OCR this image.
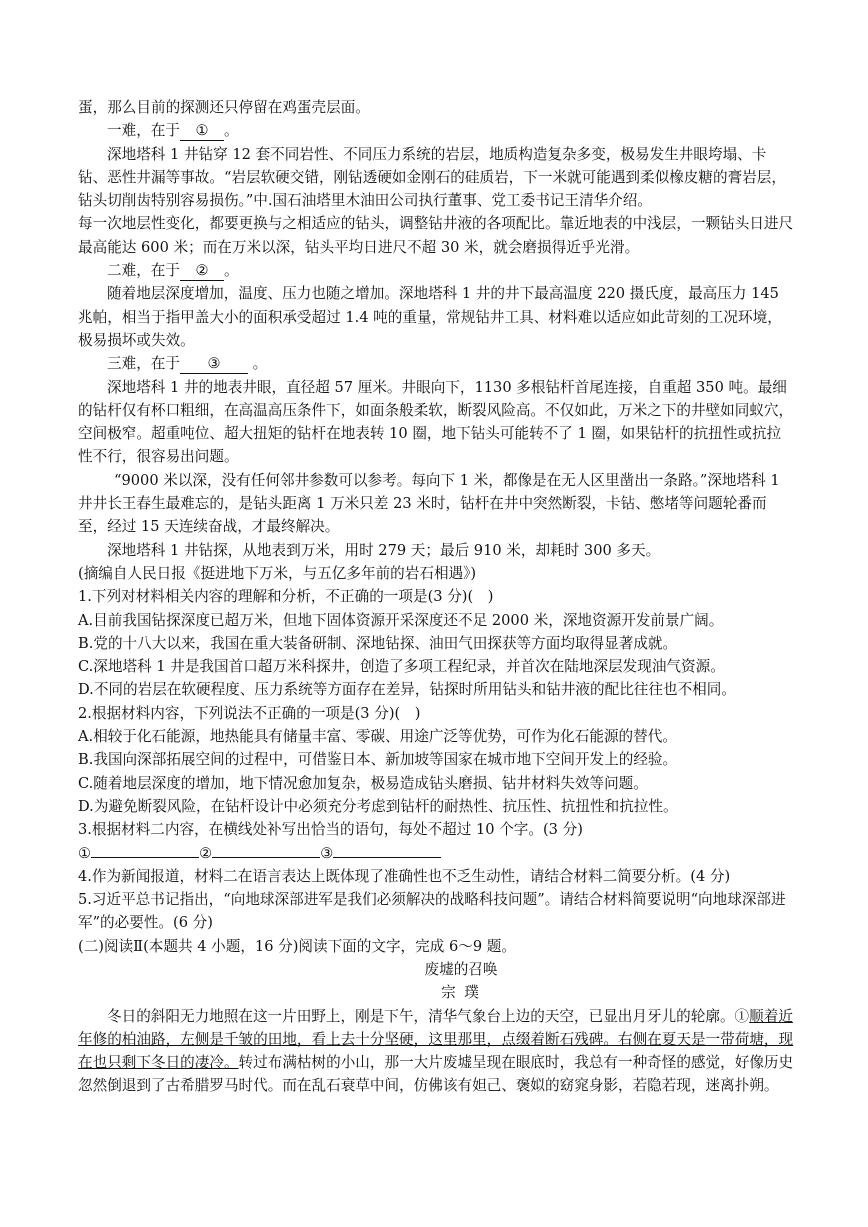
蛋，那么目前的探测还只停留在鸡蛋壳层面。

一难，在于 ① 。

深地塔科 1 井钻穿 12 套不同岩性、不同压力系统的岩层，地质构造复杂多变，极易发生井眼垮塌、卡钻、恶性井漏等事故。“岩层软硬交错，刚钻透硬如金刚石的硅质岩，下一米就可能遇到柔似橡皮糖的膏岩层，钻头切削齿特别容易损伤。”中.国石油塔里木油田公司执行董事、党工委书记王清华介绍。

每一次地层性变化，都要更换与之相适应的钻头，调整钻井液的各项配比。靠近地表的中浅层，一颗钻头日进尺最高能达 600 米；而在万米以深，钻头平均日进尺不超 30 米，就会磨损得近乎光滑。

二难，在于 ② 。

随着地层深度增加，温度、压力也随之增加。深地塔科 1 井的井下最高温度 220 摄氏度，最高压力 145 兆帕，相当于指甲盖大小的面积承受超过 1.4 吨的重量，常规钻井工具、材料难以适应如此苛刻的工况环境，极易损坏或失效。

三难，在于 ③ 。

深地塔科 1 井的地表井眼，直径超 57 厘米。井眼向下，1130 多根钻杆首尾连接，自重超 350 吨。最细的钻杆仅有杯口粗细，在高温高压条件下，如面条般柔软，断裂风险高。不仅如此，万米之下的井壁如同蚁穴，空间极窄。超重吨位、超大扭矩的钻杆在地表转 10 圈，地下钻头可能转不了 1 圈，如果钻杆的抗扭性或抗拉性不行，很容易出问题。

“9000 米以深，没有任何邻井参数可以参考。每向下 1 米，都像是在无人区里凿出一条路。”深地塔科 1 井井长王春生最难忘的，是钻头距离 1 万米只差 23 米时，钻杆在井中突然断裂，卡钻、憋堵等问题轮番而至，经过 15 天连续奋战，才最终解决。

深地塔科 1 井钻探，从地表到万米，用时 279 天；最后 910 米，却耗时 300 多天。

(摘编自人民日报《挺进地下万米，与五亿多年前的岩石相遇》)

1.下列对材料相关内容的理解和分析，不正确的一项是(3 分)(　)

A.目前我国钻探深度已超万米，但地下固体资源开采深度还不足 2000 米，深地资源开发前景广阔。

B.党的十八大以来，我国在重大装备研制、深地钻探、油田气田探获等方面均取得显著成就。

C.深地塔科 1 井是我国首口超万米科探井，创造了多项工程纪录，并首次在陆地深层发现油气资源。

D.不同的岩层在软硬程度、压力系统等方面存在差异，钻探时所用钻头和钻井液的配比往往也不相同。

2.根据材料内容，下列说法不正确的一项是(3 分)(　)

A.相较于化石能源，地热能具有储量丰富、零碳、用途广泛等优势，可作为化石能源的替代。

B.我国向深部拓展空间的过程中，可借鉴日本、新加坡等国家在城市地下空间开发上的经验。

C.随着地层深度的增加，地下情况愈加复杂，极易造成钻头磨损、钻井材料失效等问题。

D.为避免断裂风险，在钻杆设计中必须充分考虑到钻杆的耐热性、抗压性、抗扭性和抗拉性。

3.根据材料二内容，在横线处补写出恰当的语句，每处不超过 10 个字。(3 分)

①	②	③

4.作为新闻报道，材料二在语言表达上既体现了准确性也不乏生动性，请结合材料二简要分析。(4 分)

5.习近平总书记指出，“向地球深部进军是我们必须解决的战略科技问题”。请结合材料简要说明“向地球深部进军”的必要性。(6 分)

(二)阅读Ⅱ(本题共 4 小题，16 分)阅读下面的文字，完成 6～9 题。

废墟的召唤

宗 璞

冬日的斜阳无力地照在这一片田野上，刚是下午，清华气象台上边的天空，已显出月牙儿的轮廓。①顺着近年修的柏油路，左侧是千皱的田地，看上去十分坚硬，这里那里，点缀着断石残碑。右侧在夏天是一带荷塘，现在也只剩下冬日的凄冷。转过布满枯树的小山，那一大片废墟呈现在眼底时，我总有一种奇怪的感觉，好像历史忽然倒退到了古希腊罗马时代。而在乱石衰草中间，仿佛该有妲己、褒姒的窈窕身影，若隐若现，迷离扑朔。
